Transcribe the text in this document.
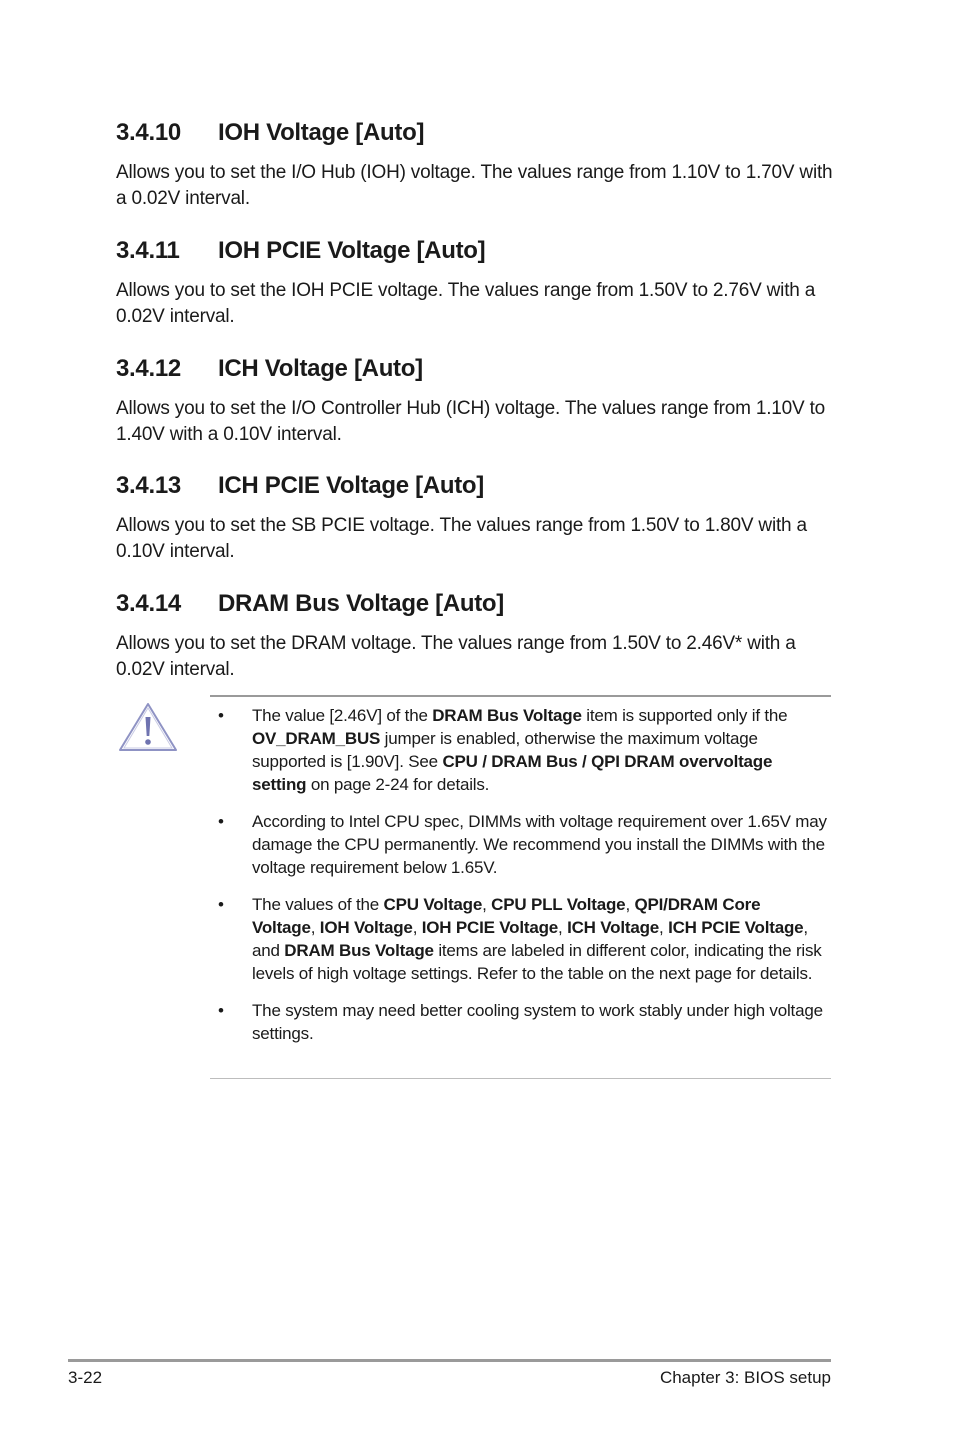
3.4.10 IOH Voltage [Auto]

Allows you to set the I/O Hub (IOH) voltage. The values range from 1.10V to 1.70V with a 0.02V interval.

3.4.11 IOH PCIE Voltage [Auto]

Allows you to set the IOH PCIE voltage. The values range from 1.50V to 2.76V with a 0.02V interval.

3.4.12 ICH Voltage [Auto]

Allows you to set the I/O Controller Hub (ICH) voltage. The values range from 1.10V to 1.40V with a 0.10V interval.

3.4.13 ICH PCIE Voltage [Auto]

Allows you to set the SB PCIE voltage. The values range from 1.50V to 1.80V with a 0.10V interval.

3.4.14 DRAM Bus Voltage [Auto]

Allows you to set the DRAM voltage. The values range from 1.50V to 2.46V* with a 0.02V interval.

• The value [2.46V] of the DRAM Bus Voltage item is supported only if the OV_DRAM_BUS jumper is enabled, otherwise the maximum voltage supported is [1.90V]. See CPU / DRAM Bus / QPI DRAM overvoltage setting on page 2-24 for details.
• According to Intel CPU spec, DIMMs with voltage requirement over 1.65V may damage the CPU permanently. We recommend you install the DIMMs with the voltage requirement below 1.65V.
• The values of the CPU Voltage, CPU PLL Voltage, QPI/DRAM Core Voltage, IOH Voltage, IOH PCIE Voltage, ICH Voltage, ICH PCIE Voltage, and DRAM Bus Voltage items are labeled in different color, indicating the risk levels of high voltage settings. Refer to the table on the next page for details.
• The system may need better cooling system to work stably under high voltage settings.
3-22	Chapter 3: BIOS setup
